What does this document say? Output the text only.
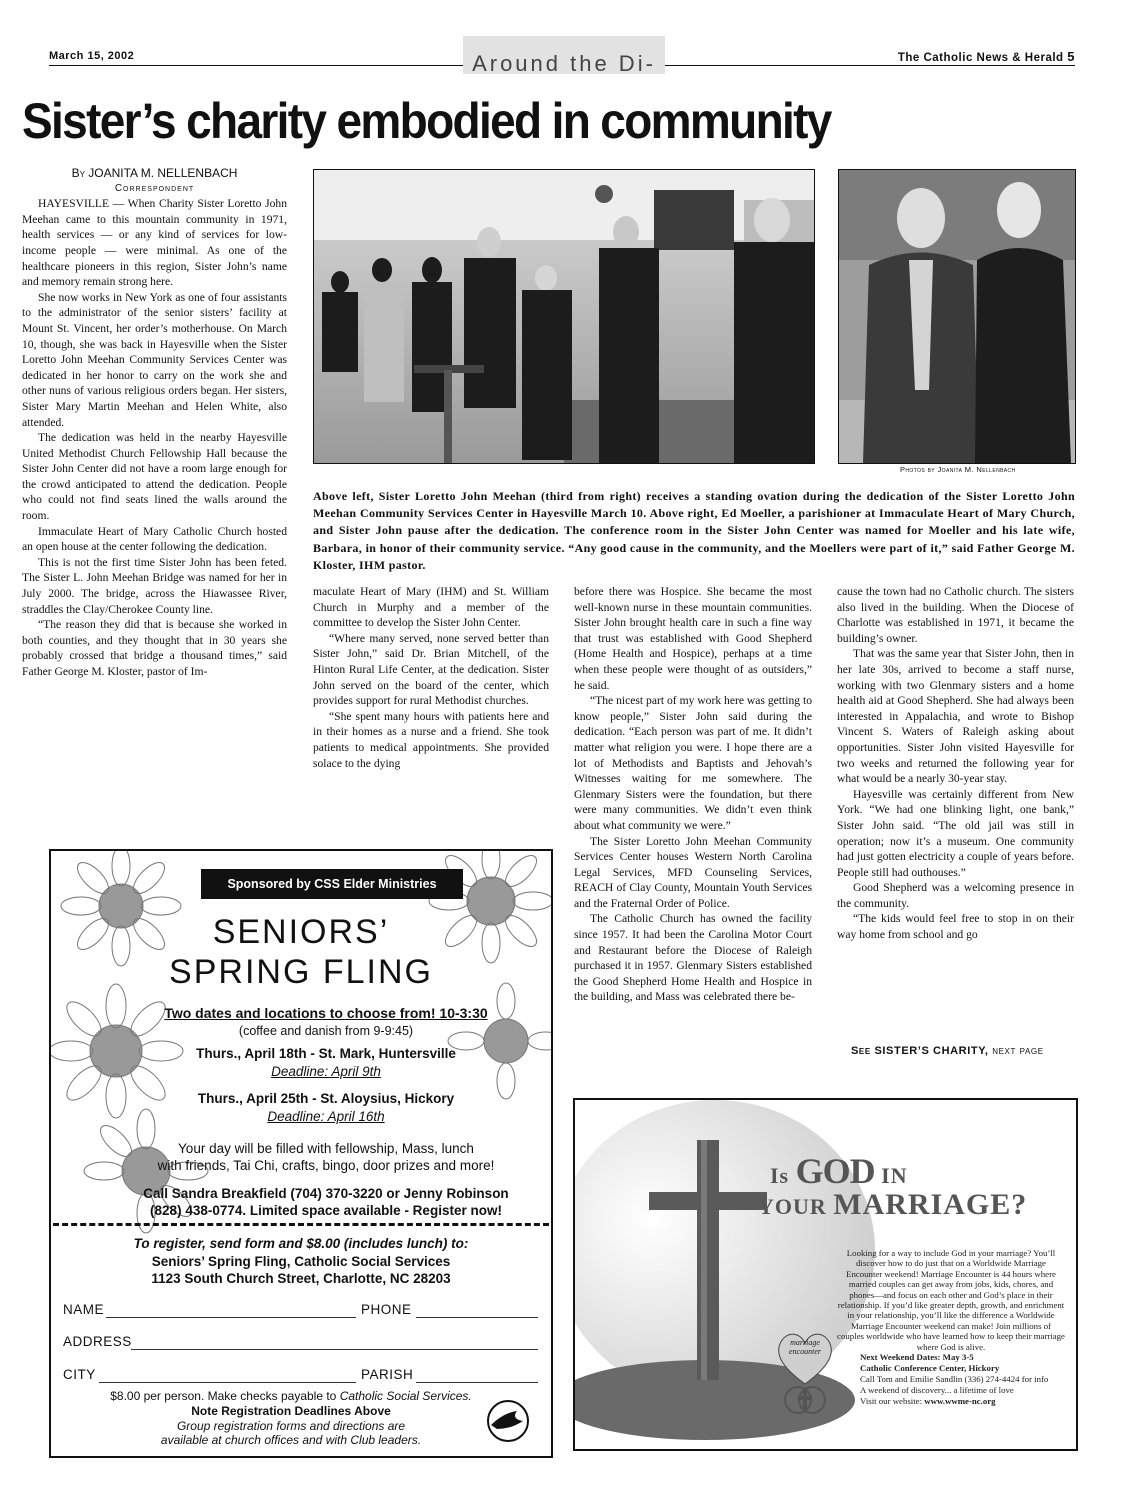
March 15, 2002	Around the Di-	The Catholic News & Herald 5
Sister’s charity embodied in community
By JOANITA M. NELLENBACH
Correspondent

HAYESVILLE — When Charity Sister Loretto John Meehan came to this mountain community in 1971, health services — or any kind of services for low-income people — were minimal. As one of the healthcare pioneers in this region, Sister John’s name and memory remain strong here.

She now works in New York as one of four assistants to the administrator of the senior sisters’ facility at Mount St. Vincent, her order’s motherhouse. On March 10, though, she was back in Hayesville when the Sister Loretto John Meehan Community Services Center was dedicated in her honor to carry on the work she and other nuns of various religious orders began. Her sisters, Sister Mary Martin Meehan and Helen White, also attended.

The dedication was held in the nearby Hayesville United Methodist Church Fellowship Hall because the Sister John Center did not have a room large enough for the crowd anticipated to attend the dedication. People who could not find seats lined the walls around the room.

Immaculate Heart of Mary Catholic Church hosted an open house at the center following the dedication.

This is not the first time Sister John has been feted. The Sister L. John Meehan Bridge was named for her in July 2000. The bridge, across the Hiawassee River, straddles the Clay/Cherokee County line.

“The reason they did that is because she worked in both counties, and they thought that in 30 years she probably crossed that bridge a thousand times,” said Father George M. Kloster, pastor of Im-

Photos by Joanita M. Nellenbach
Above left, Sister Loretto John Meehan (third from right) receives a standing ovation during the dedication of the Sister Loretto John Meehan Community Services Center in Hayesville March 10. Above right, Ed Moeller, a parishioner at Immaculate Heart of Mary Church, and Sister John pause after the dedication. The conference room in the Sister John Center was named for Moeller and his late wife, Barbara, in honor of their community service. “Any good cause in the community, and the Moellers were part of it,” said Father George M. Kloster, IHM pastor.

maculate Heart of Mary (IHM) and St. William Church in Murphy and a member of the committee to develop the Sister John Center.

“Where many served, none served better than Sister John,” said Dr. Brian Mitchell, of the Hinton Rural Life Center, at the dedication. Sister John served on the board of the center, which provides support for rural Methodist churches.

“She spent many hours with patients here and in their homes as a nurse and a friend. She took patients to medical appointments. She provided solace to the dying

before there was Hospice. She became the most well-known nurse in these mountain communities. Sister John brought health care in such a fine way that trust was established with Good Shepherd (Home Health and Hospice), perhaps at a time when these people were thought of as outsiders,” he said.

“The nicest part of my work here was getting to know people,” Sister John said during the dedication. “Each person was part of me. It didn’t matter what religion you were. I hope there are a lot of Methodists and Baptists and Jehovah’s Witnesses waiting for me somewhere. The Glenmary Sisters were the foundation, but there were many communities. We didn’t even think about what community we were.”

The Sister Loretto John Meehan Community Services Center houses Western North Carolina Legal Services, MFD Counseling Services, REACH of Clay County, Mountain Youth Services and the Fraternal Order of Police.

The Catholic Church has owned the facility since 1957. It had been the Carolina Motor Court and Restaurant before the Diocese of Raleigh purchased it in 1957. Glenmary Sisters established the Good Shepherd Home Health and Hospice in the building, and Mass was celebrated there be-

cause the town had no Catholic church. The sisters also lived in the building. When the Diocese of Charlotte was established in 1971, it became the building’s owner.

That was the same year that Sister John, then in her late 30s, arrived to become a staff nurse, working with two Glenmary sisters and a home health aid at Good Shepherd. She had always been interested in Appalachia, and wrote to Bishop Vincent S. Waters of Raleigh asking about opportunities. Sister John visited Hayesville for two weeks and returned the following year for what would be a nearly 30-year stay.

Hayesville was certainly different from New York. “We had one blinking light, one bank,” Sister John said. “The old jail was still in operation; now it’s a museum. One community had just gotten electricity a couple of years before. People still had outhouses.”

Good Shepherd was a welcoming presence in the community.

“The kids would feel free to stop in on their way home from school and go

See SISTER’S CHARITY, next page
Sponsored by CSS Elder Ministries
SENIORS’
SPRING FLING
Two dates and locations to choose from! 10-3:30
(coffee and danish from 9-9:45)
Thurs., April 18th - St. Mark, Huntersville
Deadline: April 9th
Thurs., April 25th - St. Aloysius, Hickory
Deadline: April 16th
Your day will be filled with fellowship, Mass, lunch
with friends, Tai Chi, crafts, bingo, door prizes and more!
Call Sandra Breakfield (704) 370-3220 or Jenny Robinson
(828) 438-0774. Limited space available - Register now!
To register, send form and $8.00 (includes lunch) to:
Seniors’ Spring Fling, Catholic Social Services
1123 South Church Street, Charlotte, NC 28203
NAME	PHONE
ADDRESS
CITY	PARISH
$8.00 per person. Make checks payable to Catholic Social Services.
Note Registration Deadlines Above
Group registration forms and directions are
available at church offices and with Club leaders.
Is GOD IN
YOUR MARRIAGE?
Looking for a way to include God in your marriage? You’ll discover how to do just that on a Worldwide Marriage Encounter weekend! Marriage Encounter is 44 hours where married couples can get away from jobs, kids, chores, and phones—and focus on each other and God’s place in their relationship. If you’d like greater depth, growth, and enrichment in your relationship, you’ll like the difference a Worldwide Marriage Encounter weekend can make! Join millions of couples worldwide who have learned how to keep their marriage where God is alive.
Next Weekend Dates: May 3-5
Catholic Conference Center, Hickory
Call Tom and Emilie Sandlin (336) 274-4424 for info
A weekend of discovery... a lifetime of love
Visit our website: www.wwme-nc.org
marriage
encounter
